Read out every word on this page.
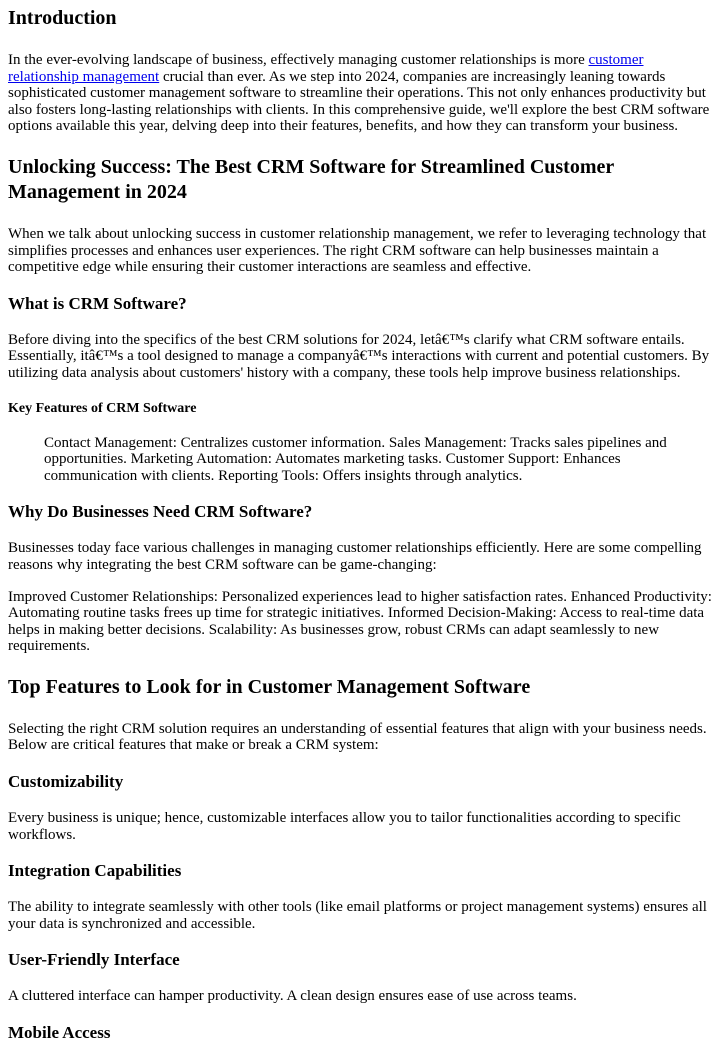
Introduction

In the ever-evolving landscape of business, effectively managing customer relationships is more customer relationship management crucial than ever. As we step into 2024, companies are increasingly leaning towards sophisticated customer management software to streamline their operations. This not only enhances productivity but also fosters long-lasting relationships with clients. In this comprehensive guide, we'll explore the best CRM software options available this year, delving deep into their features, benefits, and how they can transform your business.

Unlocking Success: The Best CRM Software for Streamlined Customer Management in 2024

When we talk about unlocking success in customer relationship management, we refer to leveraging technology that simplifies processes and enhances user experiences. The right CRM software can help businesses maintain a competitive edge while ensuring their customer interactions are seamless and effective.

What is CRM Software?

Before diving into the specifics of the best CRM solutions for 2024, letâ€™s clarify what CRM software entails. Essentially, itâ€™s a tool designed to manage a companyâ€™s interactions with current and potential customers. By utilizing data analysis about customers' history with a company, these tools help improve business relationships.

Key Features of CRM Software
Contact Management: Centralizes customer information. Sales Management: Tracks sales pipelines and opportunities. Marketing Automation: Automates marketing tasks. Customer Support: Enhances communication with clients. Reporting Tools: Offers insights through analytics.
Why Do Businesses Need CRM Software?

Businesses today face various challenges in managing customer relationships efficiently. Here are some compelling reasons why integrating the best CRM software can be game-changing:

Improved Customer Relationships: Personalized experiences lead to higher satisfaction rates. Enhanced Productivity: Automating routine tasks frees up time for strategic initiatives. Informed Decision-Making: Access to real-time data helps in making better decisions. Scalability: As businesses grow, robust CRMs can adapt seamlessly to new requirements.

Top Features to Look for in Customer Management Software

Selecting the right CRM solution requires an understanding of essential features that align with your business needs. Below are critical features that make or break a CRM system:

Customizability

Every business is unique; hence, customizable interfaces allow you to tailor functionalities according to specific workflows.

Integration Capabilities

The ability to integrate seamlessly with other tools (like email platforms or project management systems) ensures all your data is synchronized and accessible.

User-Friendly Interface

A cluttered interface can hamper productivity. A clean design ensures ease of use across teams.

Mobile Access
